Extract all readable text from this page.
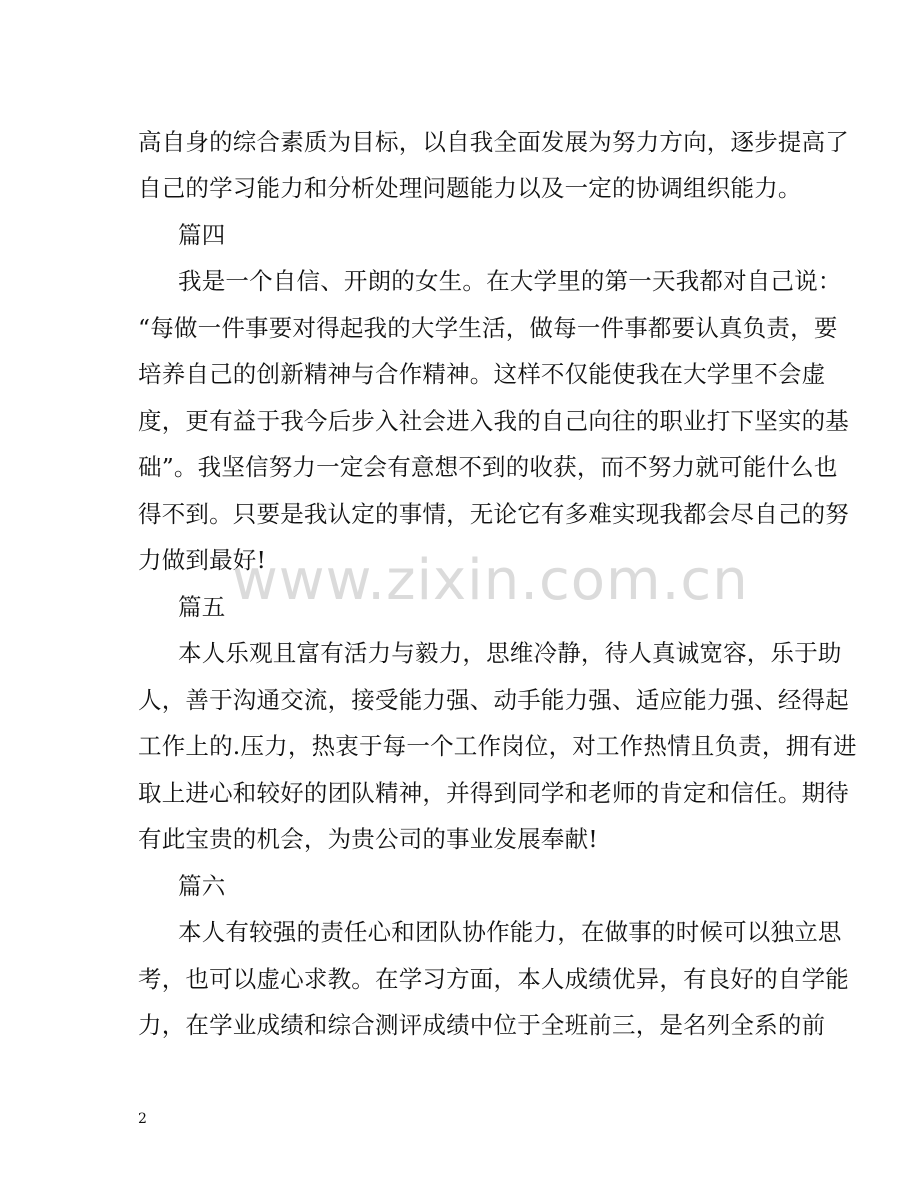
高自身的综合素质为目标，以自我全面发展为努力方向，逐步提高了
自己的学习能力和分析处理问题能力以及一定的协调组织能力。
篇四
我是一个自信、开朗的女生。在大学里的第一天我都对自己说：
“每做一件事要对得起我的大学生活，做每一件事都要认真负责，要
培养自己的创新精神与合作精神。这样不仅能使我在大学里不会虚
度，更有益于我今后步入社会进入我的自己向往的职业打下坚实的基
础”。我坚信努力一定会有意想不到的收获，而不努力就可能什么也
得不到。只要是我认定的事情，无论它有多难实现我都会尽自己的努
力做到最好!
篇五
本人乐观且富有活力与毅力，思维冷静，待人真诚宽容，乐于助
人，善于沟通交流，接受能力强、动手能力强、适应能力强、经得起
工作上的.压力，热衷于每一个工作岗位，对工作热情且负责，拥有进
取上进心和较好的团队精神，并得到同学和老师的肯定和信任。期待
有此宝贵的机会，为贵公司的事业发展奉献!
篇六
本人有较强的责任心和团队协作能力，在做事的时候可以独立思
考，也可以虚心求教。在学习方面，本人成绩优异，有良好的自学能
力，在学业成绩和综合测评成绩中位于全班前三，是名列全系的前
www.zixin.com.cn
2
